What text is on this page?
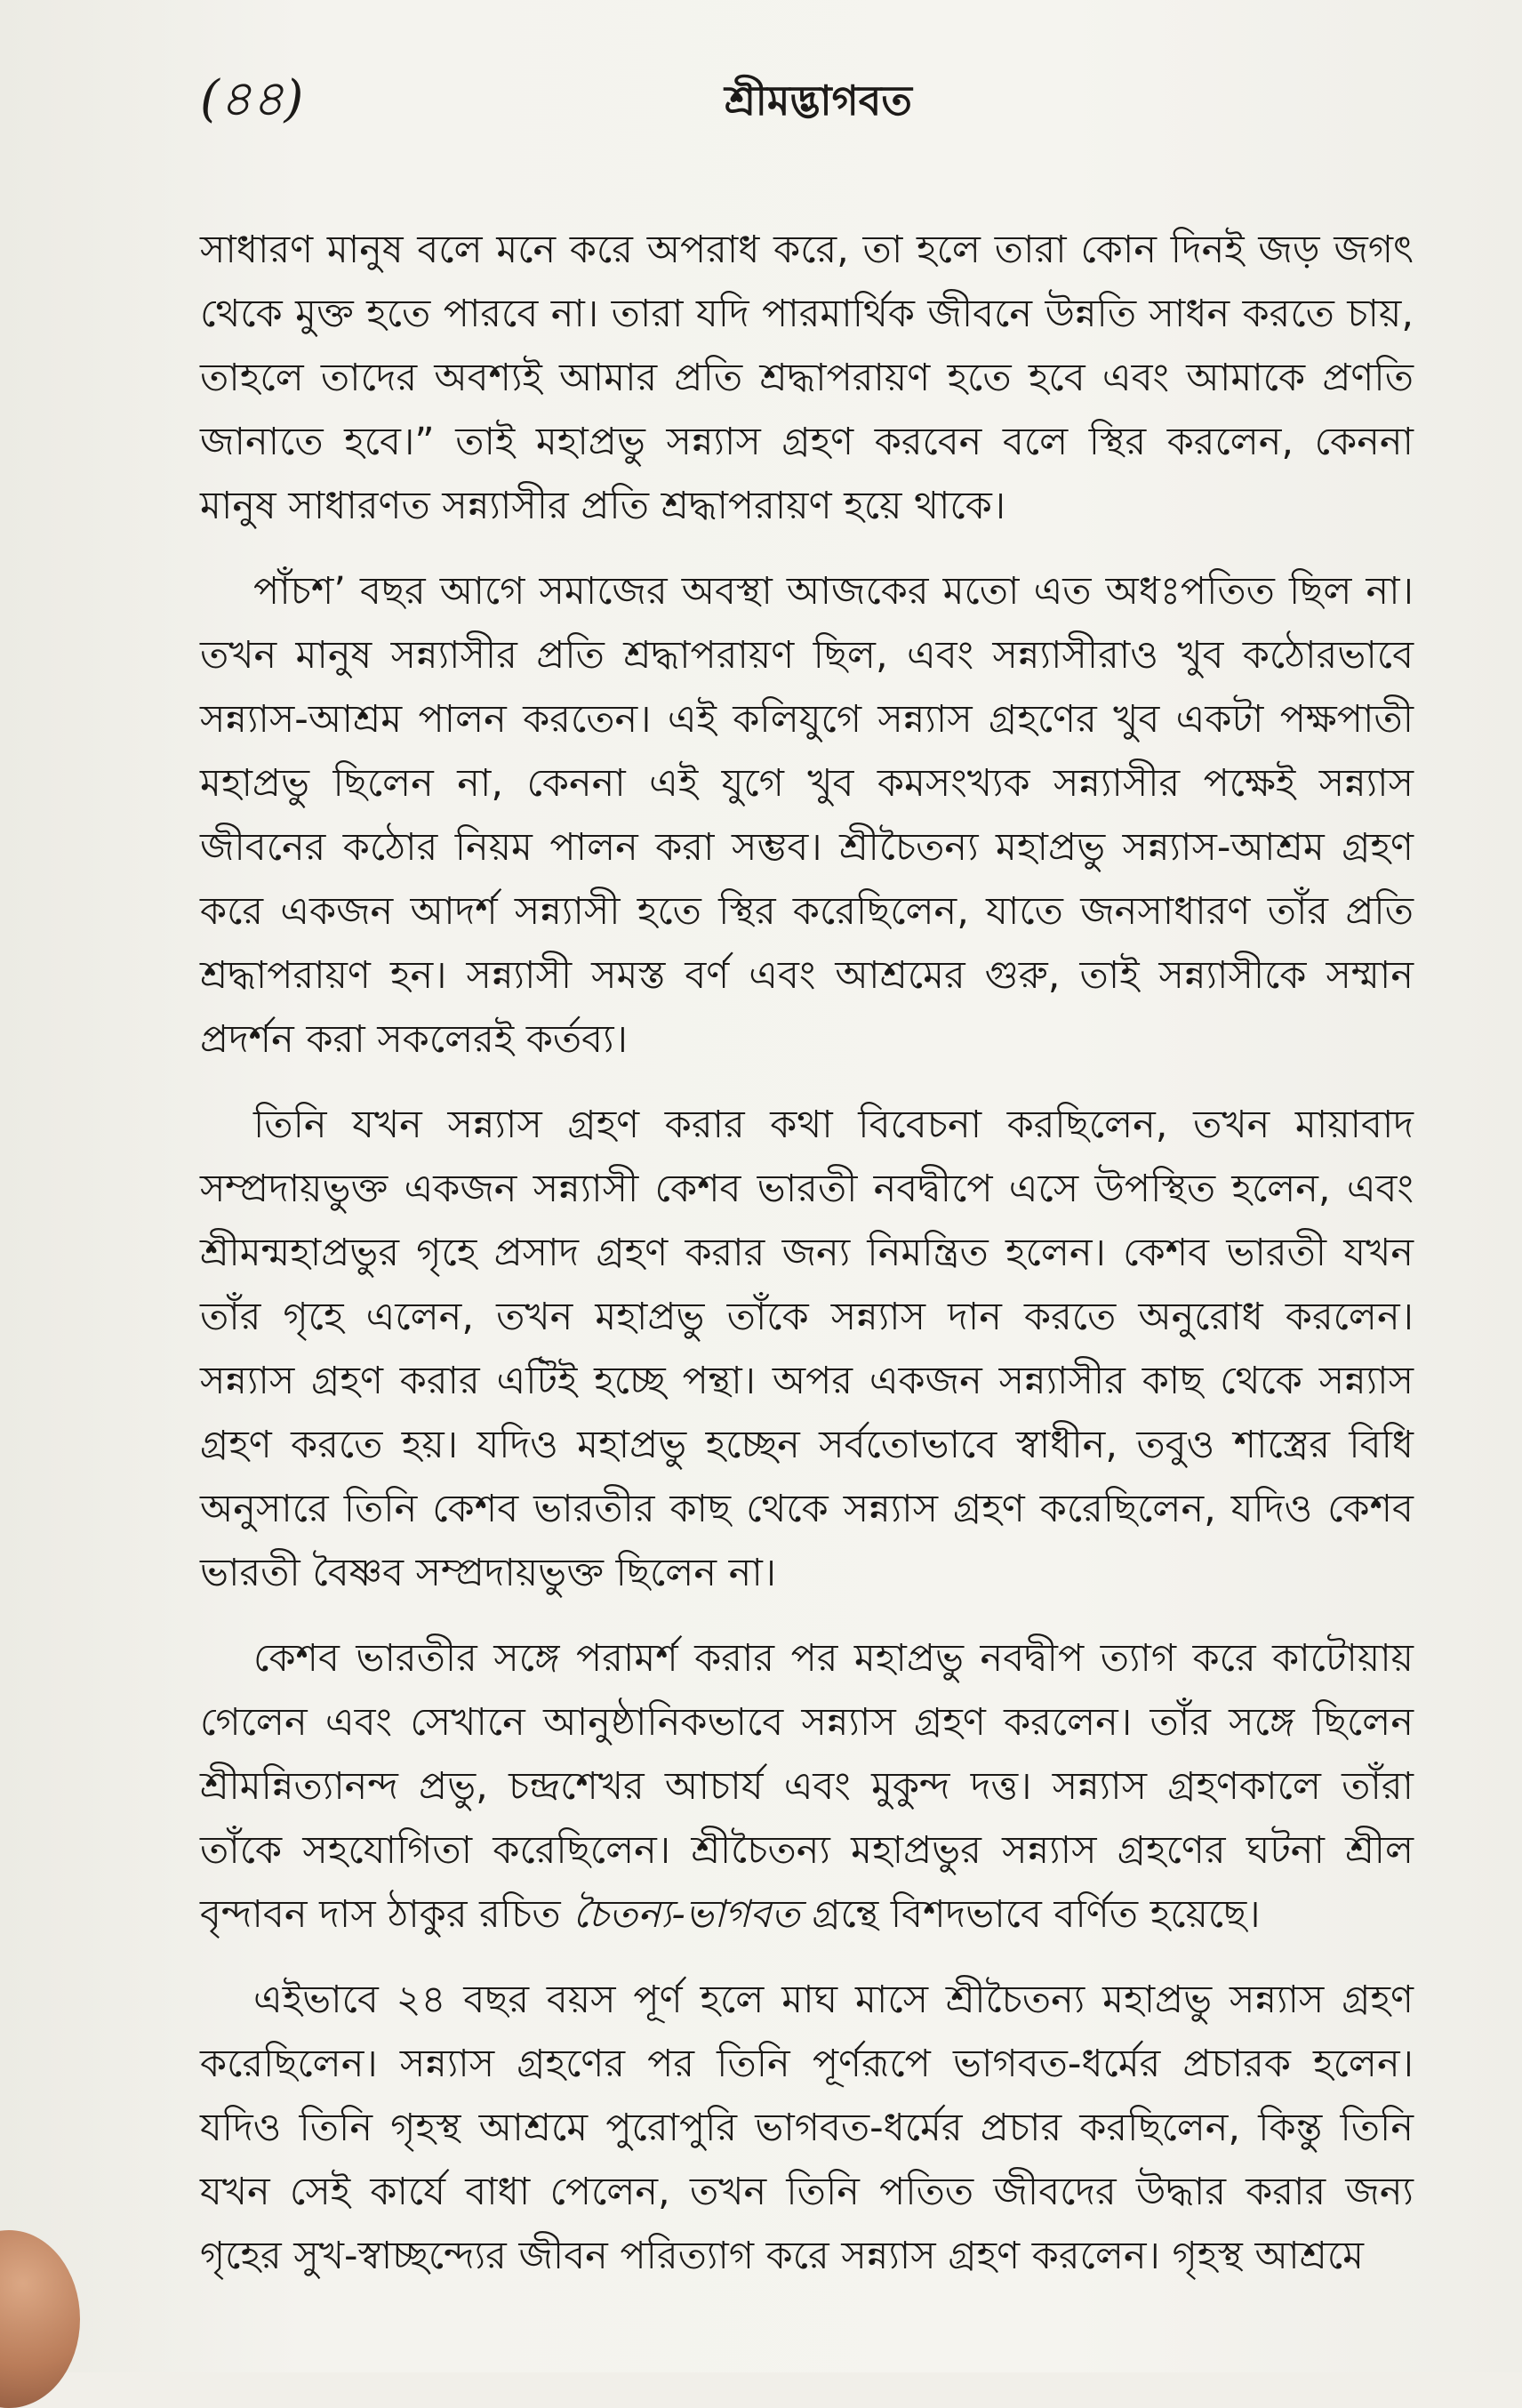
(৪৪)	শ্রীমদ্ভাগবত

সাধারণ মানুষ বলে মনে করে অপরাধ করে, তা হলে তারা কোন দিনই জড় জগৎ থেকে মুক্ত হতে পারবে না। তারা যদি পারমার্থিক জীবনে উন্নতি সাধন করতে চায়, তাহলে তাদের অবশ্যই আমার প্রতি শ্রদ্ধাপরায়ণ হতে হবে এবং আমাকে প্রণতি জানাতে হবে।” তাই মহাপ্রভু সন্ন্যাস গ্রহণ করবেন বলে স্থির করলেন, কেননা মানুষ সাধারণত সন্ন্যাসীর প্রতি শ্রদ্ধাপরায়ণ হয়ে থাকে।

পাঁচশ’ বছর আগে সমাজের অবস্থা আজকের মতো এত অধঃপতিত ছিল না। তখন মানুষ সন্ন্যাসীর প্রতি শ্রদ্ধাপরায়ণ ছিল, এবং সন্ন্যাসীরাও খুব কঠোরভাবে সন্ন্যাস-আশ্রম পালন করতেন। এই কলিযুগে সন্ন্যাস গ্রহণের খুব একটা পক্ষপাতী মহাপ্রভু ছিলেন না, কেননা এই যুগে খুব কমসংখ্যক সন্ন্যাসীর পক্ষেই সন্ন্যাস জীবনের কঠোর নিয়ম পালন করা সম্ভব। শ্রীচৈতন্য মহাপ্রভু সন্ন্যাস-আশ্রম গ্রহণ করে একজন আদর্শ সন্ন্যাসী হতে স্থির করেছিলেন, যাতে জনসাধারণ তাঁর প্রতি শ্রদ্ধাপরায়ণ হন। সন্ন্যাসী সমস্ত বর্ণ এবং আশ্রমের গুরু, তাই সন্ন্যাসীকে সম্মান প্রদর্শন করা সকলেরই কর্তব্য।

তিনি যখন সন্ন্যাস গ্রহণ করার কথা বিবেচনা করছিলেন, তখন মায়াবাদ সম্প্রদায়ভুক্ত একজন সন্ন্যাসী কেশব ভারতী নবদ্বীপে এসে উপস্থিত হলেন, এবং শ্রীমন্মহাপ্রভুর গৃহে প্রসাদ গ্রহণ করার জন্য নিমন্ত্রিত হলেন। কেশব ভারতী যখন তাঁর গৃহে এলেন, তখন মহাপ্রভু তাঁকে সন্ন্যাস দান করতে অনুরোধ করলেন। সন্ন্যাস গ্রহণ করার এটিই হচ্ছে পন্থা। অপর একজন সন্ন্যাসীর কাছ থেকে সন্ন্যাস গ্রহণ করতে হয়। যদিও মহাপ্রভু হচ্ছেন সর্বতোভাবে স্বাধীন, তবুও শাস্ত্রের বিধি অনুসারে তিনি কেশব ভারতীর কাছ থেকে সন্ন্যাস গ্রহণ করেছিলেন, যদিও কেশব ভারতী বৈষ্ণব সম্প্রদায়ভুক্ত ছিলেন না।

কেশব ভারতীর সঙ্গে পরামর্শ করার পর মহাপ্রভু নবদ্বীপ ত্যাগ করে কাটোয়ায় গেলেন এবং সেখানে আনুষ্ঠানিকভাবে সন্ন্যাস গ্রহণ করলেন। তাঁর সঙ্গে ছিলেন শ্রীমন্নিত্যানন্দ প্রভু, চন্দ্রশেখর আচার্য এবং মুকুন্দ দত্ত। সন্ন্যাস গ্রহণকালে তাঁরা তাঁকে সহযোগিতা করেছিলেন। শ্রীচৈতন্য মহাপ্রভুর সন্ন্যাস গ্রহণের ঘটনা শ্রীল বৃন্দাবন দাস ঠাকুর রচিত চৈতন্য-ভাগবত গ্রন্থে বিশদভাবে বর্ণিত হয়েছে।

এইভাবে ২৪ বছর বয়স পূর্ণ হলে মাঘ মাসে শ্রীচৈতন্য মহাপ্রভু সন্ন্যাস গ্রহণ করেছিলেন। সন্ন্যাস গ্রহণের পর তিনি পূর্ণরূপে ভাগবত-ধর্মের প্রচারক হলেন। যদিও তিনি গৃহস্থ আশ্রমে পুরোপুরি ভাগবত-ধর্মের প্রচার করছিলেন, কিন্তু তিনি যখন সেই কার্যে বাধা পেলেন, তখন তিনি পতিত জীবদের উদ্ধার করার জন্য গৃহের সুখ-স্বাচ্ছন্দ্যের জীবন পরিত্যাগ করে সন্ন্যাস গ্রহণ করলেন। গৃহস্থ আশ্রমে
